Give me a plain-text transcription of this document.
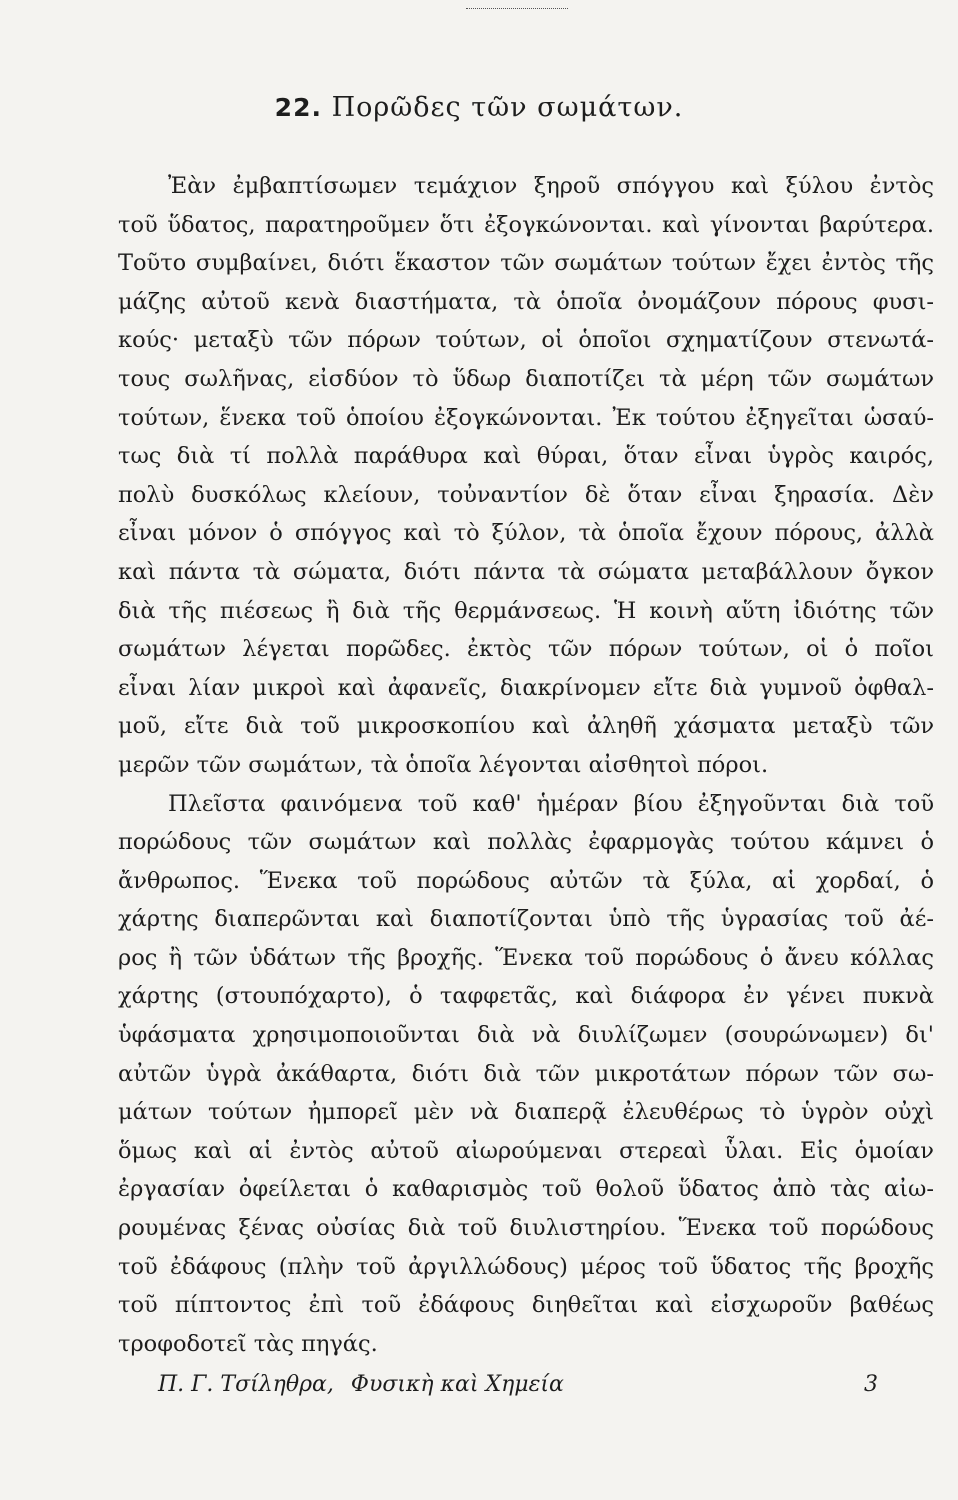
22. Πορῶδες τῶν σωμάτων.
Ἐὰν ἐμβαπτίσωμεν τεμάχιον ξηροῦ σπόγγου καὶ ξύλου ἐντὸς
τοῦ ὕδατος, παρατηροῦμεν ὅτι ἐξογκώνονται. καὶ γίνονται βαρύτερα.
Τοῦτο συμβαίνει, διότι ἕκαστον τῶν σωμάτων τούτων ἔχει ἐντὸς τῆς
μάζης αὐτοῦ κενὰ διαστήματα, τὰ ὁποῖα ὀνομάζουν πόρους φυσι-
κούς· μεταξὺ τῶν πόρων τούτων, οἱ ὁποῖοι σχηματίζουν στενωτά-
τους σωλῆνας, εἰσδύον τὸ ὕδωρ διαποτίζει τὰ μέρη τῶν σωμάτων
τούτων, ἕνεκα τοῦ ὁποίου ἐξογκώνονται. Ἐκ τούτου ἐξηγεῖται ὡσαύ-
τως διὰ τί πολλὰ παράθυρα καὶ θύραι, ὅταν εἶναι ὑγρὸς καιρός,
πολὺ δυσκόλως κλείουν, τοὐναντίον δὲ ὅταν εἶναι ξηρασία. Δὲν
εἶναι μόνον ὁ σπόγγος καὶ τὸ ξύλον, τὰ ὁποῖα ἔχουν πόρους, ἀλλὰ
καὶ πάντα τὰ σώματα, διότι πάντα τὰ σώματα μεταβάλλουν ὄγκον
διὰ τῆς πιέσεως ἢ διὰ τῆς θερμάνσεως. Ἡ κοινὴ αὕτη ἰδιότης τῶν
σωμάτων λέγεται πορῶδες. ἐκτὸς τῶν πόρων τούτων, οἱ ὁ ποῖοι
εἶναι λίαν μικροὶ καὶ ἀφανεῖς, διακρίνομεν εἴτε διὰ γυμνοῦ ὀφθαλ-
μοῦ, εἴτε διὰ τοῦ μικροσκοπίου καὶ ἀληθῆ χάσματα μεταξὺ τῶν
μερῶν τῶν σωμάτων, τὰ ὁποῖα λέγονται αἰσθητοὶ πόροι.
Πλεῖστα φαινόμενα τοῦ καθ' ἡμέραν βίου ἐξηγοῦνται διὰ τοῦ
πορώδους τῶν σωμάτων καὶ πολλὰς ἐφαρμογὰς τούτου κάμνει ὁ
ἄνθρωπος. Ἕνεκα τοῦ πορώδους αὐτῶν τὰ ξύλα, αἱ χορδαί, ὁ
χάρτης διαπερῶνται καὶ διαποτίζονται ὑπὸ τῆς ὑγρασίας τοῦ ἀέ-
ρος ἢ τῶν ὑδάτων τῆς βροχῆς. Ἕνεκα τοῦ πορώδους ὁ ἄνευ κόλλας
χάρτης (στουπόχαρτο), ὁ ταφφετᾶς, καὶ διάφορα ἐν γένει πυκνὰ
ὑφάσματα χρησιμοποιοῦνται διὰ νὰ διυλίζωμεν (σουρώνωμεν) δι'
αὐτῶν ὑγρὰ ἀκάθαρτα, διότι διὰ τῶν μικροτάτων πόρων τῶν σω-
μάτων τούτων ἠμπορεῖ μὲν νὰ διαπερᾷ ἐλευθέρως τὸ ὑγρὸν οὐχὶ
ὅμως καὶ αἱ ἐντὸς αὐτοῦ αἰωρούμεναι στερεαὶ ὗλαι. Εἰς ὁμοίαν
ἐργασίαν ὀφείλεται ὁ καθαρισμὸς τοῦ θολοῦ ὕδατος ἀπὸ τὰς αἰω-
ρουμένας ξένας οὐσίας διὰ τοῦ διυλιστηρίου. Ἕνεκα τοῦ πορώδους
τοῦ ἐδάφους (πλὴν τοῦ ἀργιλλώδους) μέρος τοῦ ὕδατος τῆς βροχῆς
τοῦ πίπτοντος ἐπὶ τοῦ ἐδάφους διηθεῖται καὶ εἰσχωροῦν βαθέως
τροφοδοτεῖ τὰς πηγάς.
Π. Γ. Τσίληθρα, Φυσικὴ καὶ Χημεία	3
